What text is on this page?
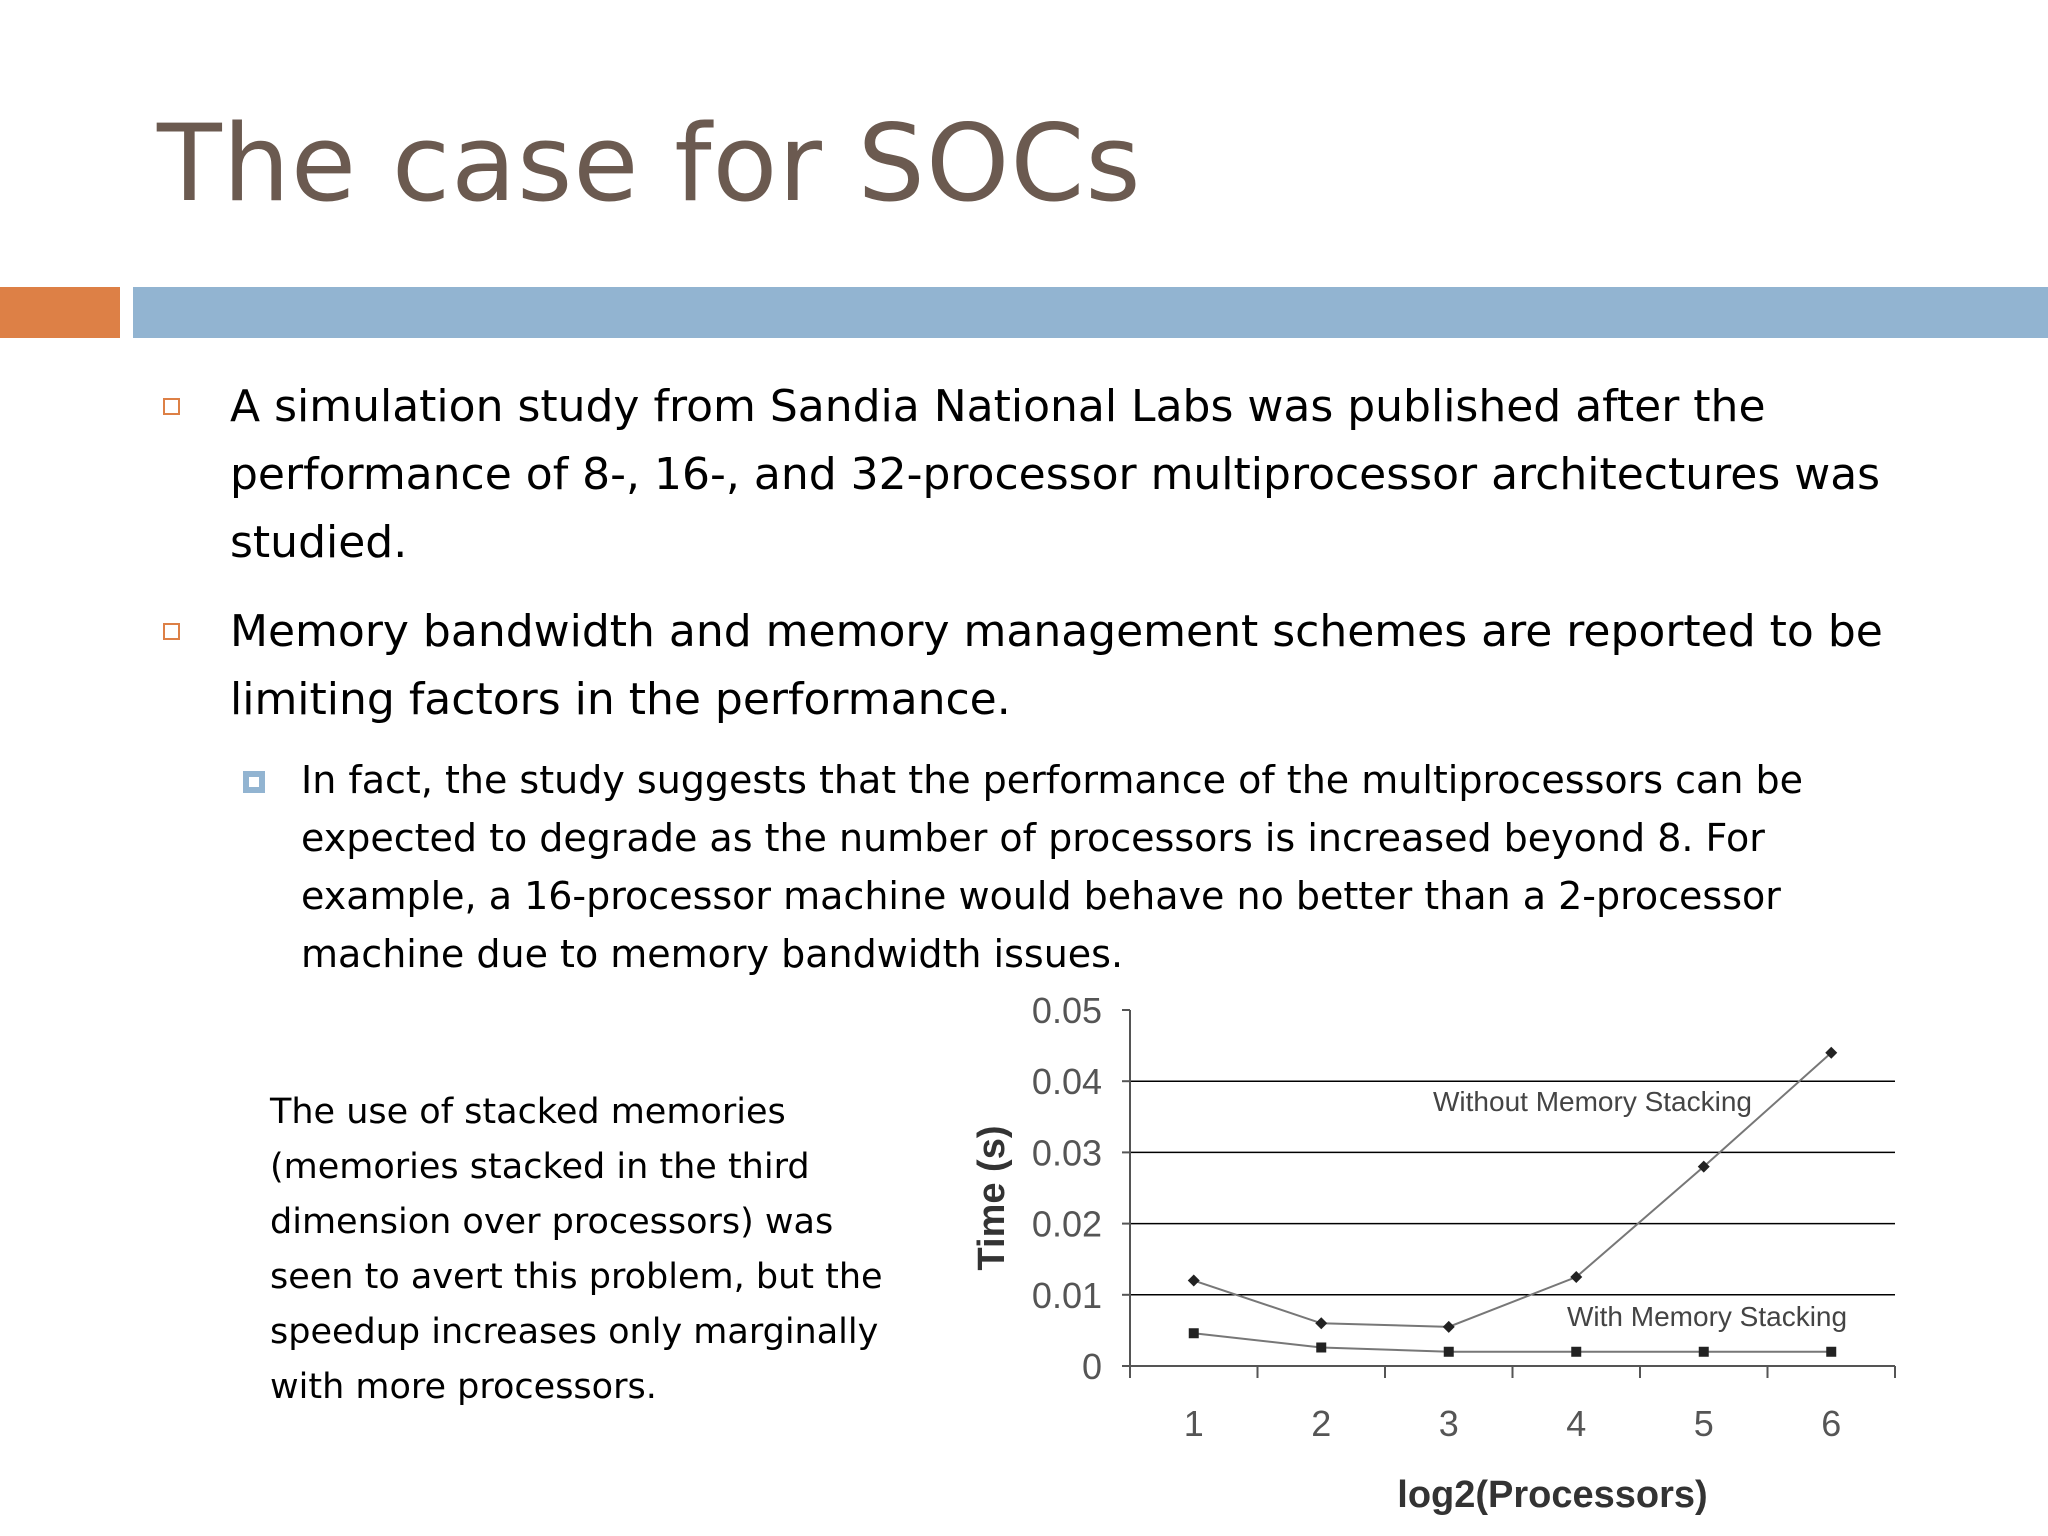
The case for SOCs
A simulation study from Sandia National Labs was published after the performance of 8-, 16-, and 32-processor multiprocessor architectures was studied.
Memory bandwidth and memory management schemes are reported to be limiting factors in the performance.
In fact, the study suggests that the performance of the multiprocessors can be expected to degrade as the number of processors is increased beyond 8. For example, a 16-processor machine would behave no better than a 2-processor machine due to memory bandwidth issues.
The use of stacked memories (memories stacked in the third dimension over processors) was seen to avert this problem, but the speedup increases only marginally with more processors.	0
0.01
0.02
0.03
0.04
0.05
1	2	3	4	5	6
log2(Processors)
Time (s)
Without Memory Stacking
With Memory Stacking
